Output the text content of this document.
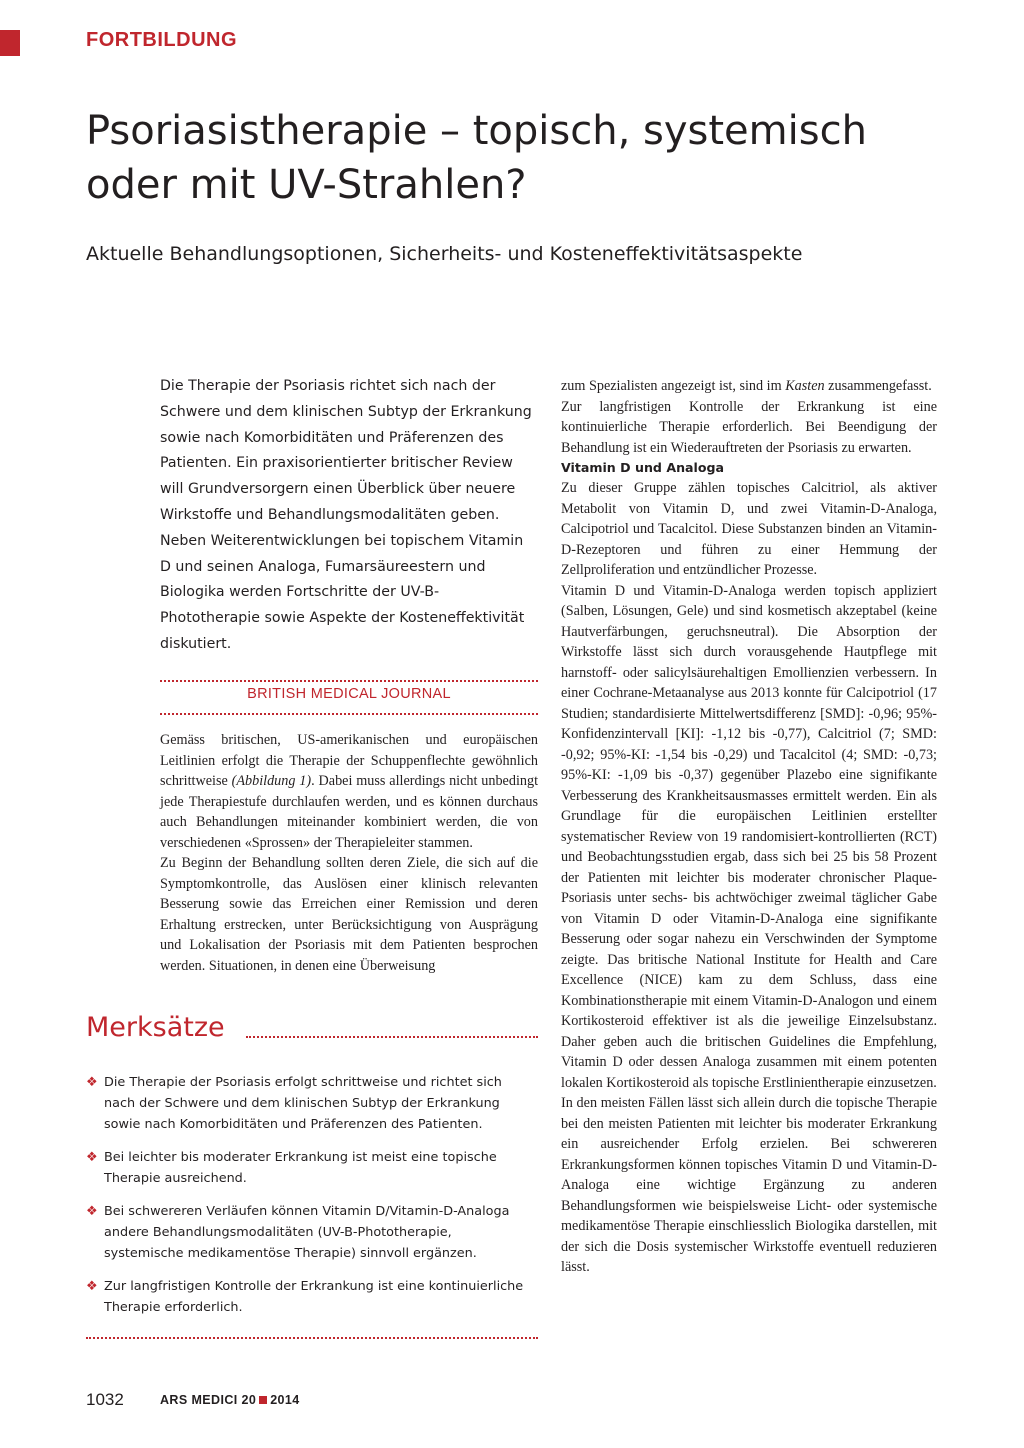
FORTBILDUNG
Psoriasistherapie – topisch, systemisch
oder mit UV-Strahlen?
Aktuelle Behandlungsoptionen, Sicherheits- und Kosteneffektivitätsaspekte
Die Therapie der Psoriasis richtet sich nach der Schwere und dem klinischen Subtyp der Erkrankung sowie nach Komorbiditäten und Präferenzen des Patienten. Ein praxisorientierter britischer Review will Grundversorgern einen Überblick über neuere Wirkstoffe und Behandlungsmodalitäten geben. Neben Weiterentwicklungen bei topischem Vitamin D und seinen Analoga, Fumarsäureestern und Biologika werden Fortschritte der UV-B-Phototherapie sowie Aspekte der Kosteneffektivität diskutiert.
BRITISH MEDICAL JOURNAL

Gemäss britischen, US-amerikanischen und europäischen Leitlinien erfolgt die Therapie der Schuppenflechte gewöhnlich schrittweise (Abbildung 1). Dabei muss allerdings nicht unbedingt jede Therapiestufe durchlaufen werden, und es können durchaus auch Behandlungen miteinander kombiniert werden, die von verschiedenen «Sprossen» der Therapieleiter stammen.

Zu Beginn der Behandlung sollten deren Ziele, die sich auf die Symptomkontrolle, das Auslösen einer klinisch relevanten Besserung sowie das Erreichen einer Remission und deren Erhaltung erstrecken, unter Berücksichtigung von Ausprägung und Lokalisation der Psoriasis mit dem Patienten besprochen werden. Situationen, in denen eine Überweisung

Merksätze
❖ Die Therapie der Psoriasis erfolgt schrittweise und richtet sich nach der Schwere und dem klinischen Subtyp der Erkrankung sowie nach Komorbiditäten und Präferenzen des Patienten.
❖ Bei leichter bis moderater Erkrankung ist meist eine topische Therapie ausreichend.
❖ Bei schwereren Verläufen können Vitamin D/Vitamin-D-Analoga andere Behandlungsmodalitäten (UV-B-Phototherapie, systemische medikamentöse Therapie) sinnvoll ergänzen.
❖ Zur langfristigen Kontrolle der Erkrankung ist eine kontinuierliche Therapie erforderlich.

zum Spezialisten angezeigt ist, sind im Kasten zusammengefasst.

Zur langfristigen Kontrolle der Erkrankung ist eine kontinuierliche Therapie erforderlich. Bei Beendigung der Behandlung ist ein Wiederauftreten der Psoriasis zu erwarten.

Vitamin D und Analoga

Zu dieser Gruppe zählen topisches Calcitriol, als aktiver Metabolit von Vitamin D, und zwei Vitamin-D-Analoga, Calcipotriol und Tacalcitol. Diese Substanzen binden an Vitamin-D-Rezeptoren und führen zu einer Hemmung der Zellproliferation und entzündlicher Prozesse.

Vitamin D und Vitamin-D-Analoga werden topisch appliziert (Salben, Lösungen, Gele) und sind kosmetisch akzeptabel (keine Hautverfärbungen, geruchsneutral). Die Absorption der Wirkstoffe lässt sich durch vorausgehende Hautpflege mit harnstoff- oder salicylsäurehaltigen Emollienzien verbessern. In einer Cochrane-Metaanalyse aus 2013 konnte für Calcipotriol (17 Studien; standardisierte Mittelwertsdifferenz [SMD]: -0,96; 95%-Konfidenzintervall [KI]: -1,12 bis -0,77), Calcitriol (7; SMD: -0,92; 95%-KI: -1,54 bis -0,29) und Tacalcitol (4; SMD: -0,73; 95%-KI: -1,09 bis -0,37) gegenüber Plazebo eine signifikante Verbesserung des Krankheitsausmasses ermittelt werden. Ein als Grundlage für die europäischen Leitlinien erstellter systematischer Review von 19 randomisiert-kontrollierten (RCT) und Beobachtungsstudien ergab, dass sich bei 25 bis 58 Prozent der Patienten mit leichter bis moderater chronischer Plaque-Psoriasis unter sechs- bis achtwöchiger zweimal täglicher Gabe von Vitamin D oder Vitamin-D-Analoga eine signifikante Besserung oder sogar nahezu ein Verschwinden der Symptome zeigte. Das britische National Institute for Health and Care Excellence (NICE) kam zu dem Schluss, dass eine Kombinationstherapie mit einem Vitamin-D-Analogon und einem Kortikosteroid effektiver ist als die jeweilige Einzelsubstanz. Daher geben auch die britischen Guidelines die Empfehlung, Vitamin D oder dessen Analoga zusammen mit einem potenten lokalen Kortikosteroid als topische Erstlinientherapie einzusetzen.

In den meisten Fällen lässt sich allein durch die topische Therapie bei den meisten Patienten mit leichter bis moderater Erkrankung ein ausreichender Erfolg erzielen. Bei schwereren Erkrankungsformen können topisches Vitamin D und Vitamin-D-Analoga eine wichtige Ergänzung zu anderen Behandlungsformen wie beispielsweise Licht- oder systemische medikamentöse Therapie einschliesslich Biologika darstellen, mit der sich die Dosis systemischer Wirkstoffe eventuell reduzieren lässt.

1032	ARS MEDICI 20 2014
